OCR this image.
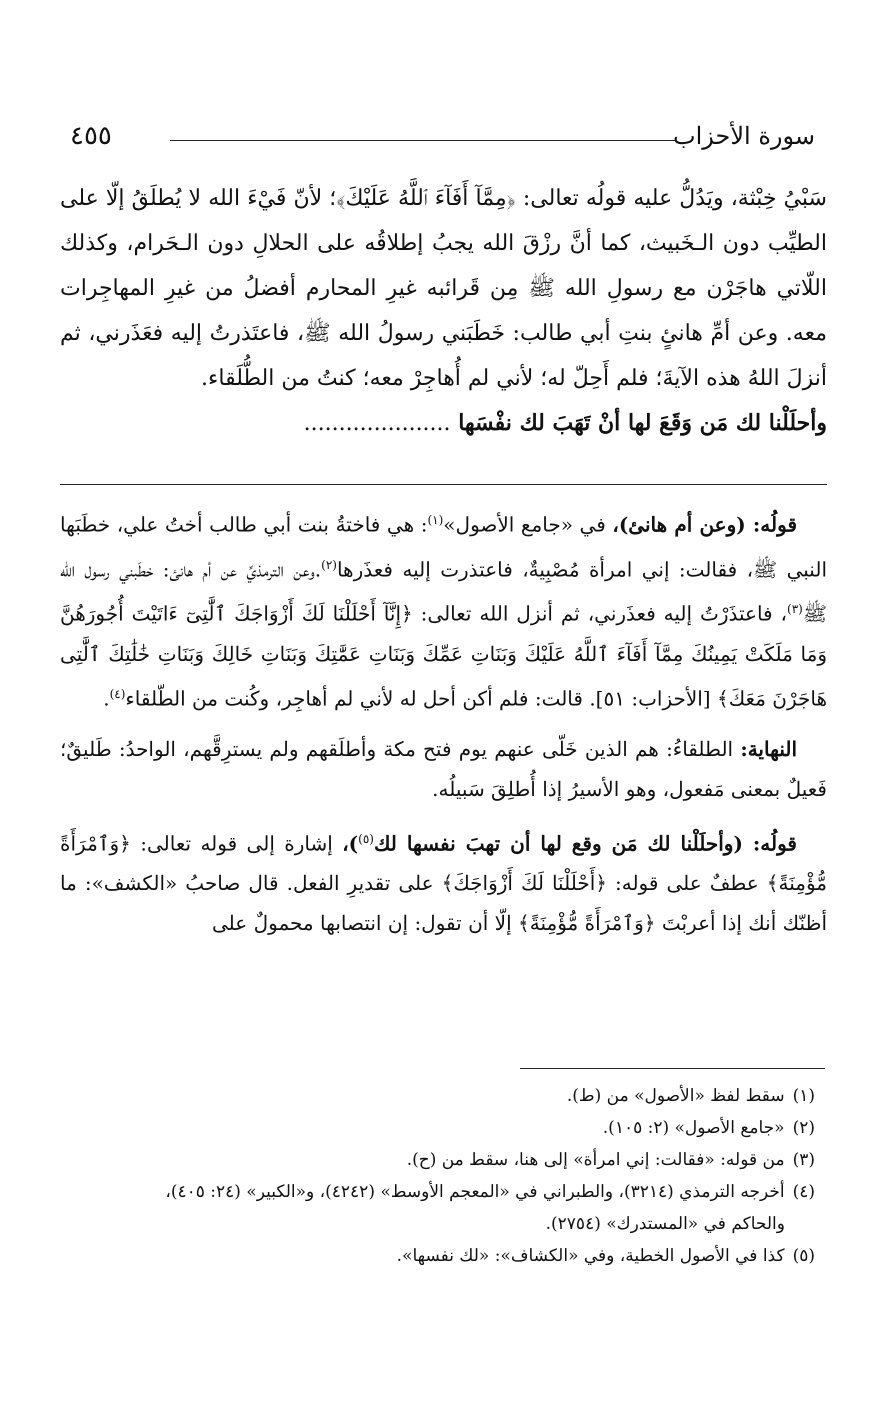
سورة الأحزاب
٤٥٥

سَبْيُ خِبْثة، ويَدُلُّ عليه قولُه تعالى: ﴿مِمَّآ أَفَآءَ ٱللَّهُ عَلَيْكَ﴾؛ لأنّ فَيْءَ الله لا يُطلَقُ إلّا على الطيِّب دون الـخَبيث، كما أنَّ رزْقَ الله يجبُ إطلاقُه على الحلالِ دون الـحَرام، وكذلك اللّاتي هاجَرْن مع رسولِ الله ﷺ مِن قَرائبه غيرِ المحارم أفضلُ من غيرِ المهاجِرات معه. وعن أمِّ هانئٍ بنتِ أبي طالب: خَطَبَني رسولُ الله ﷺ، فاعتَذرتُ إليه فعَذَرني، ثم أنزلَ اللهُ هذه الآيةَ؛ فلم أَحِلّ له؛ لأني لم أُهاجِرْ معه؛ كنتُ من الطُّلَقاء.

وأحلَلْنا لك مَن وَقَعَ لها أنْ تَهَبَ لك نفْسَها .....................

قولُه: (وعن أم هانئ)، في «جامع الأصول»$^{(١)}$: هي فاختةُ بنت أبي طالب أختُ علي، خطَبَها النبي ﷺ، فقالت: إني امرأة مُصْبِيةٌ، فاعتذرت إليه فعذَرها$^{(٢)}$.وعن الترمذيِّ عن أم هانئ: خطَبني رسول الله ﷺ$^{(٣)}$، فاعتذَرْتُ إليه فعذَرني، ثم أنزل الله تعالى: ﴿إِنَّآ أَحْلَلْنَا لَكَ أَزْوَاجَكَ ٱلَّٰتِىٓ ءَاتَيْتَ أُجُورَهُنَّ وَمَا مَلَكَتْ يَمِينُكَ مِمَّآ أَفَآءَ ٱللَّهُ عَلَيْكَ وَبَنَاتِ عَمِّكَ وَبَنَاتِ عَمَّٰتِكَ وَبَنَاتِ خَالِكَ وَبَنَاتِ خَٰلَٰتِكَ ٱلَّٰتِى هَاجَرْنَ مَعَكَ﴾ [الأحزاب: ٥١]. قالت: فلم أكن أحل له لأني لم أهاجِر، وكُنت من الطّلقاء$^{(٤)}$.

النهاية: الطلقاءُ: هم الذين خَلّى عنهم يوم فتح مكة وأطلَقهم ولم يسترِقَّهم، الواحدُ: طَليقٌ؛ فَعيلٌ بمعنى مَفعول، وهو الأسيرُ إذا أُطلِقَ سَبيلُه.

قولُه: (وأحلَلْنا لك مَن وقع لها أن تهبَ نفسها لك$^{(٥)}$)، إشارة إلى قوله تعالى: ﴿وَٱمْرَأَةً مُّؤْمِنَةً﴾ عطفٌ على قوله: ﴿أَحْلَلْنَا لَكَ أَزْوَاجَكَ﴾ على تقديرِ الفعل. قال صاحبُ «الكشف»: ما أظنّك أنك إذا أعربْتَ ﴿وَٱمْرَأَةً مُّؤْمِنَةً﴾ إلّا أن تقول: إن انتصابها محمولٌ على

(١)سقط لفظ «الأصول» من (ط).

(٢)«جامع الأصول» (٢: ١٠٥).

(٣)من قوله: «فقالت: إني امرأة» إلى هنا، سقط من (ح).

(٤)أخرجه الترمذي (٣٢١٤)، والطبراني في «المعجم الأوسط» (٤٢٤٢)، و«الكبير» (٢٤: ٤٠٥)،

والحاكم في «المستدرك» (٢٧٥٤).

(٥)كذا في الأصول الخطية، وفي «الكشاف»: «لك نفسها».
